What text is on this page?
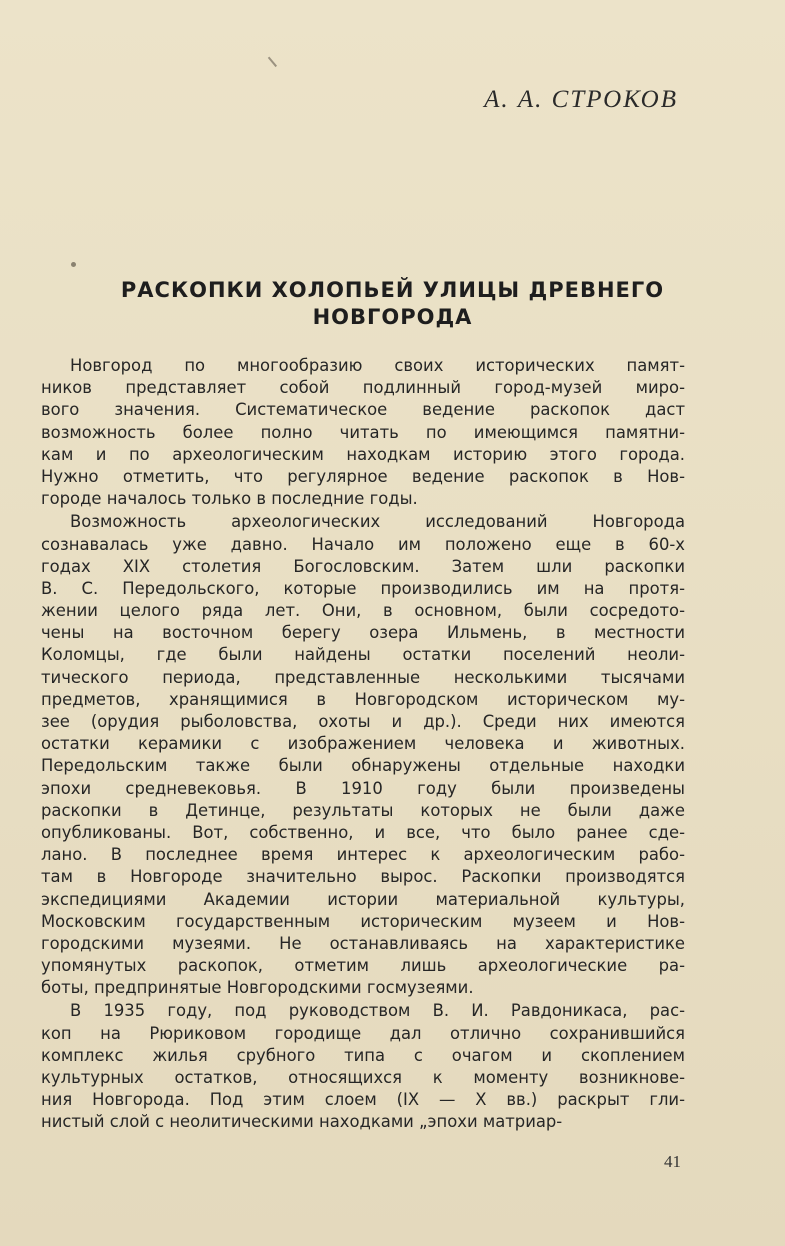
А. А. СТРОКОВ
РАСКОПКИ ХОЛОПЬЕЙ УЛИЦЫ ДРЕВНЕГО
НОВГОРОДА
Новгород по многообразию своих исторических памят-
ников представляет собой подлинный город-музей миро-
вого значения. Систематическое ведение раскопок даст
возможность более полно читать по имеющимся памятни-
кам и по археологическим находкам историю этого города.
Нужно отметить, что регулярное ведение раскопок в Нов-
городе началось только в последние годы.
Возможность археологических исследований Новгорода
сознавалась уже давно. Начало им положено еще в 60-х
годах XIX столетия Богословским. Затем шли раскопки
В. С. Передольского, которые производились им на протя-
жении целого ряда лет. Они, в основном, были сосредото-
чены на восточном берегу озера Ильмень, в местности
Коломцы, где были найдены остатки поселений неоли-
тического периода, представленные несколькими тысячами
предметов, хранящимися в Новгородском историческом му-
зее (орудия рыболовства, охоты и др.). Среди них имеются
остатки керамики с изображением человека и животных.
Передольским также были обнаружены отдельные находки
эпохи средневековья. В 1910 году были произведены
раскопки в Детинце, результаты которых не были даже
опубликованы. Вот, собственно, и все, что было ранее сде-
лано. В последнее время интерес к археологическим рабо-
там в Новгороде значительно вырос. Раскопки производятся
экспедициями Академии истории материальной культуры,
Московским государственным историческим музеем и Нов-
городскими музеями. Не останавливаясь на характеристике
упомянутых раскопок, отметим лишь археологические ра-
боты, предпринятые Новгородскими госмузеями.
В 1935 году, под руководством В. И. Равдоникаса, рас-
коп на Рюриковом городище дал отлично сохранившийся
комплекс жилья срубного типа с очагом и скоплением
культурных остатков, относящихся к моменту возникнове-
ния Новгорода. Под этим слоем (IX — X вв.) раскрыт гли-
нистый слой с неолитическими находками „эпохи матриар-
41
